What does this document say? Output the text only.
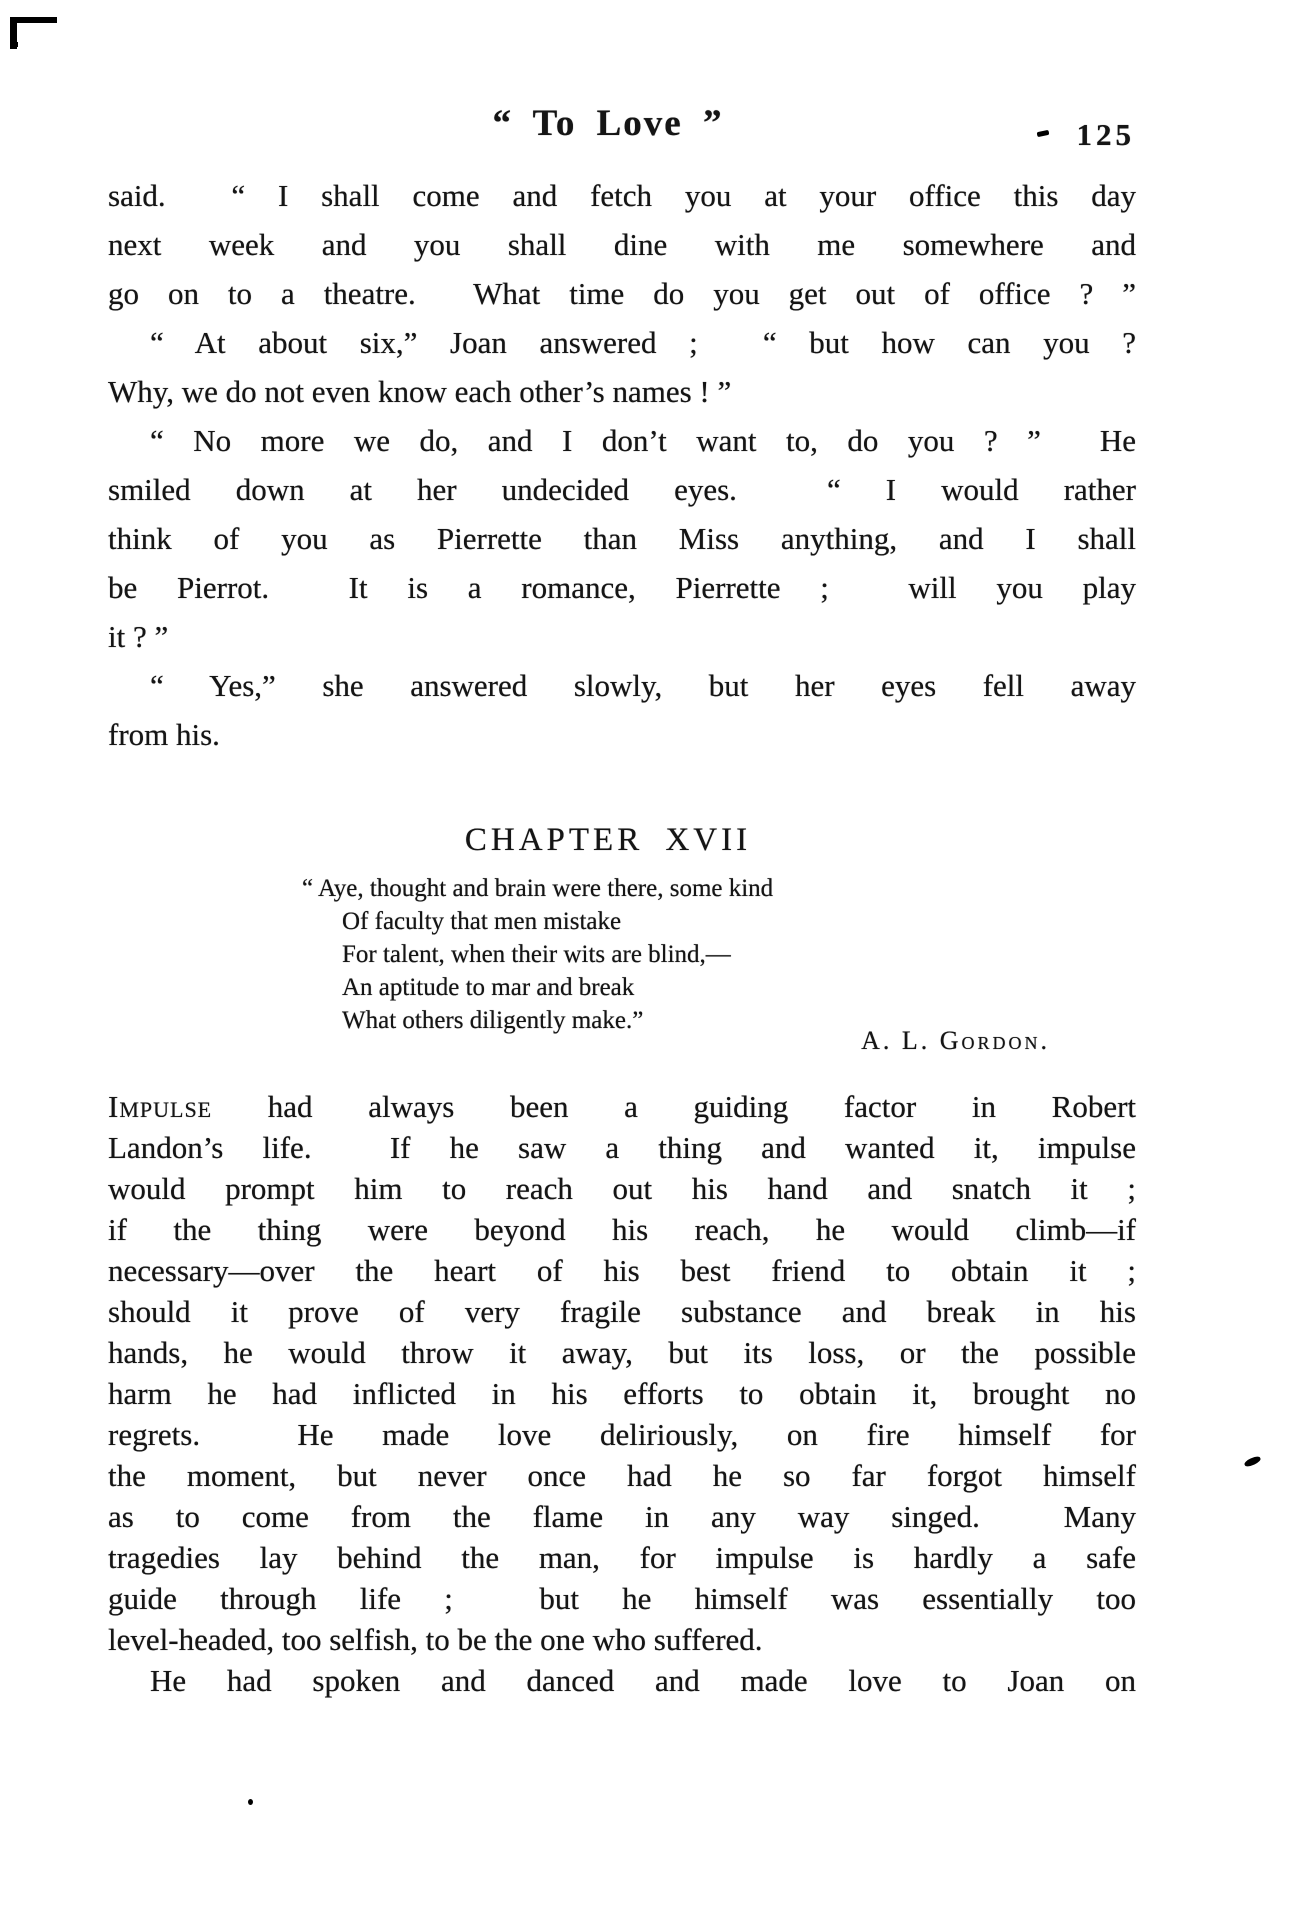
“ To Love ”	125
said.  “ I shall come and fetch you at your office this day
next week and you shall dine with me somewhere and
go on to a theatre.  What time do you get out of office ? ”
“ At about six,” Joan answered ;  “ but how can you ?
Why, we do not even know each other’s names ! ”
“ No more we do, and I don’t want to, do you ? ”  He
smiled down at her undecided eyes.  “ I would rather
think of you as Pierrette than Miss anything, and I shall
be Pierrot.  It is a romance, Pierrette ;  will you play
it ? ”
“ Yes,” she answered slowly, but her eyes fell away
from his.
CHAPTER XVII
“ Aye, thought and brain were there, some kind
Of faculty that men mistake
For talent, when their wits are blind,—
An aptitude to mar and break
What others diligently make.”
A. L. Gordon.
Impulse had always been a guiding factor in Robert
Landon’s life.  If he saw a thing and wanted it, impulse
would prompt him to reach out his hand and snatch it ;
if the thing were beyond his reach, he would climb—if
necessary—over the heart of his best friend to obtain it ;
should it prove of very fragile substance and break in his
hands, he would throw it away, but its loss, or the possible
harm he had inflicted in his efforts to obtain it, brought no
regrets.  He made love deliriously, on fire himself for
the moment, but never once had he so far forgot himself
as to come from the flame in any way singed.  Many
tragedies lay behind the man, for impulse is hardly a safe
guide through life ;  but he himself was essentially too
level-headed, too selfish, to be the one who suffered.
He had spoken and danced and made love to Joan on
